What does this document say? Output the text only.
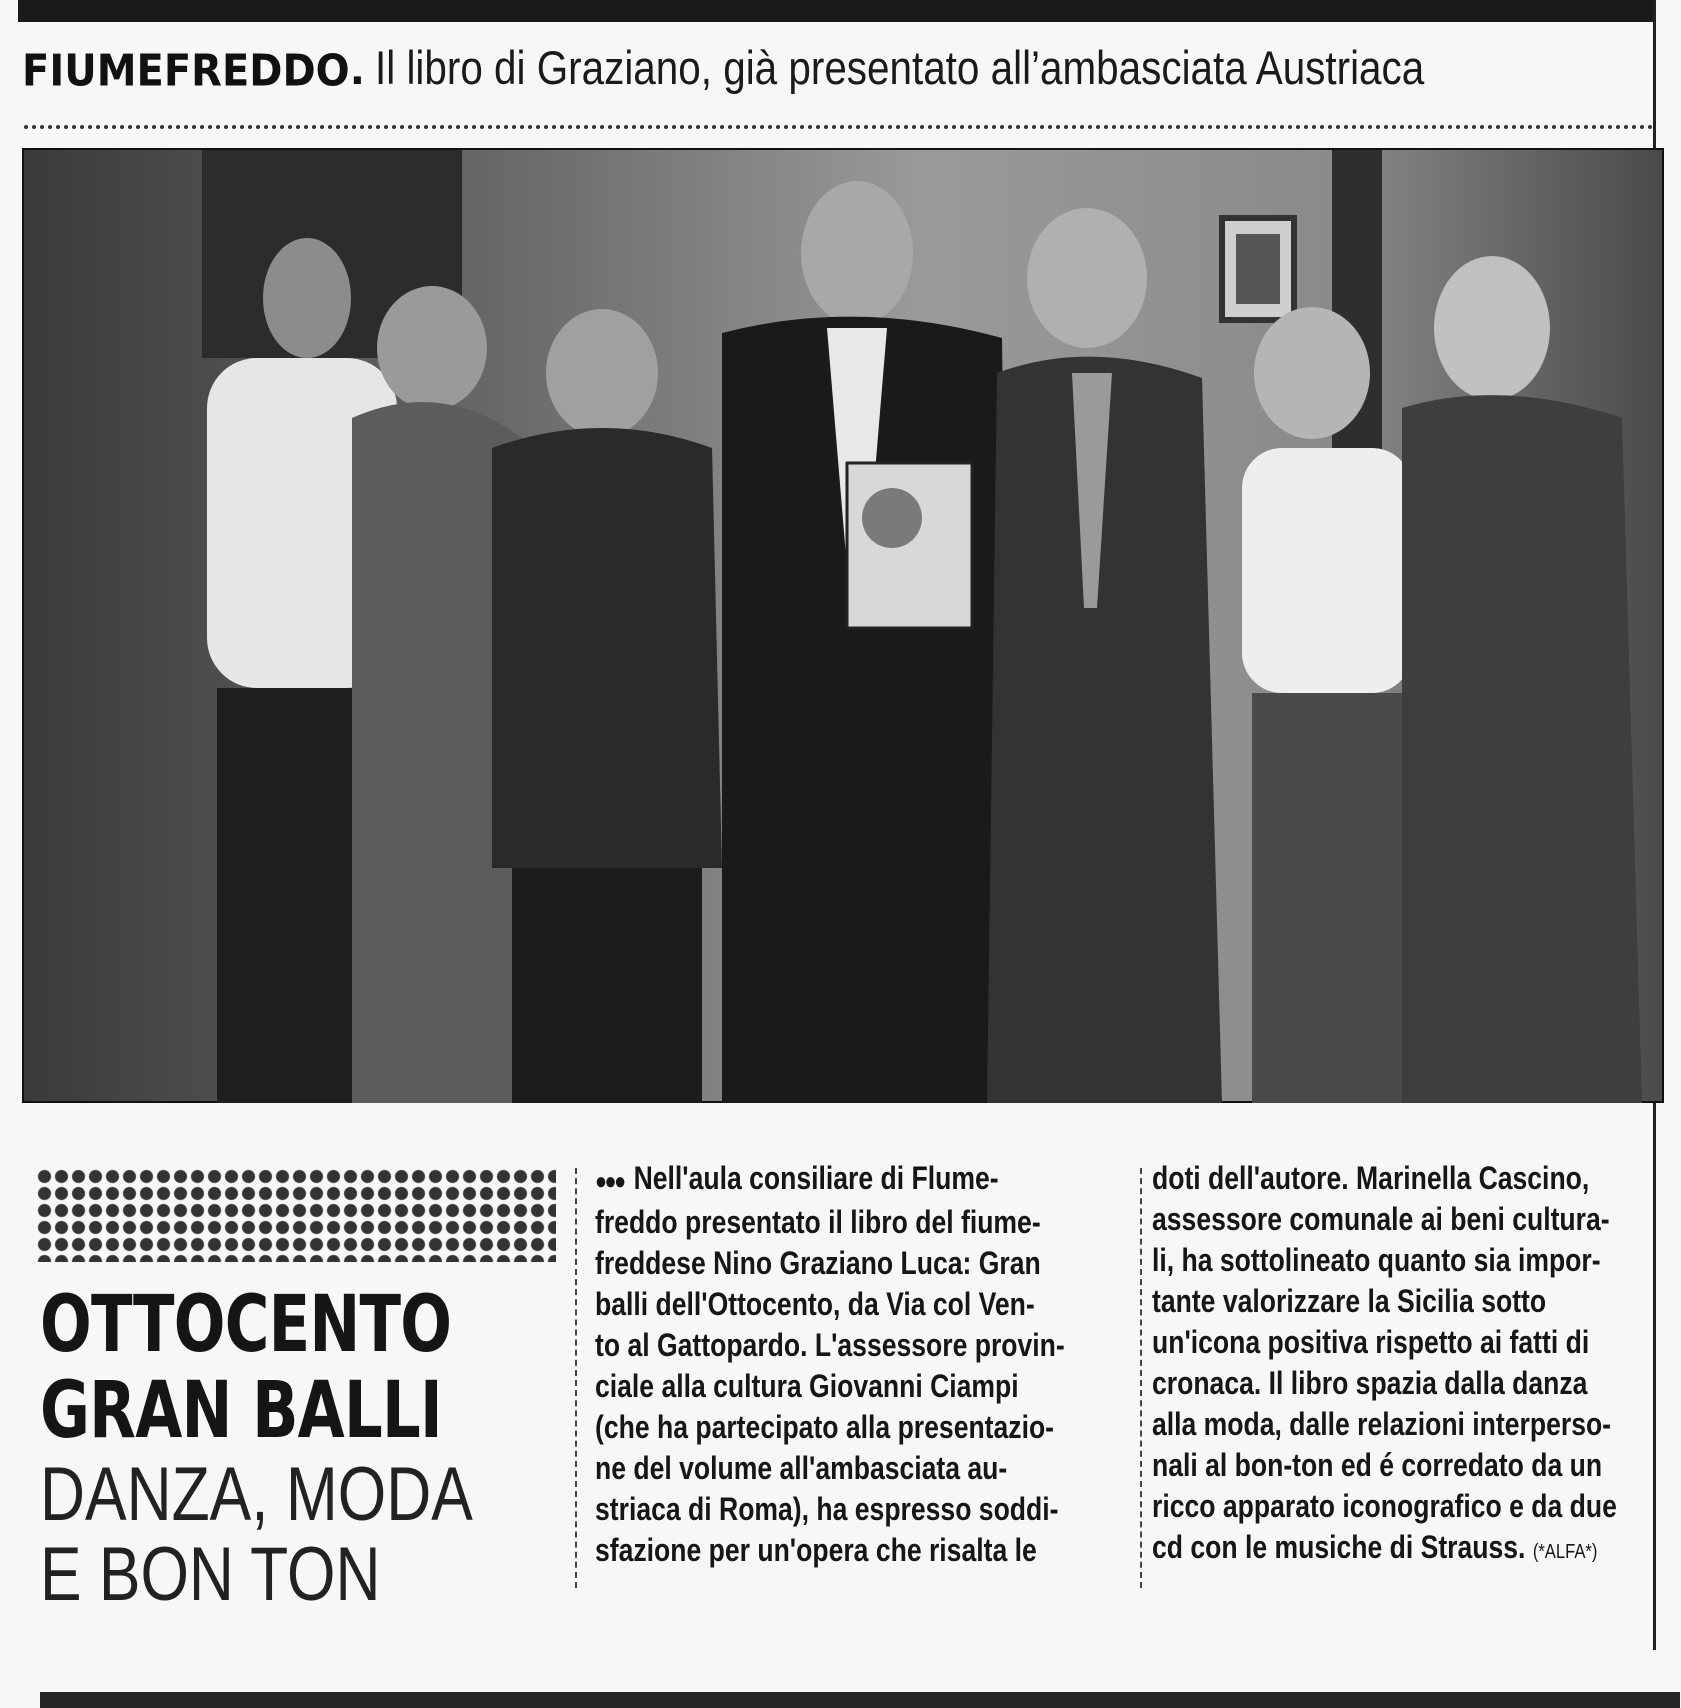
FIUMEFREDDO . Il libro di Graziano, già presentato all’ambasciata Austriaca
OTTOCENTO
GRAN BALLI
DANZA, MODA
E BON TON

●●● Nell'aula consiliare di Flume-

freddo presentato il libro del fiume-

freddese Nino Graziano Luca: Gran

balli dell'Ottocento, da Via col Ven-

to al Gattopardo. L'assessore provin-

ciale alla cultura Giovanni Ciampi

(che ha partecipato alla presentazio-

ne del volume all'ambasciata au-

striaca di Roma), ha espresso soddi-

sfazione per un'opera che risalta le

doti dell'autore. Marinella Cascino,

assessore comunale ai beni cultura-

li, ha sottolineato quanto sia impor-

tante valorizzare la Sicilia sotto

un'icona positiva rispetto ai fatti di

cronaca. Il libro spazia dalla danza

alla moda, dalle relazioni interperso-

nali al bon-ton ed é corredato da un

ricco apparato iconografico e da due

cd con le musiche di Strauss. (*ALFA*)
